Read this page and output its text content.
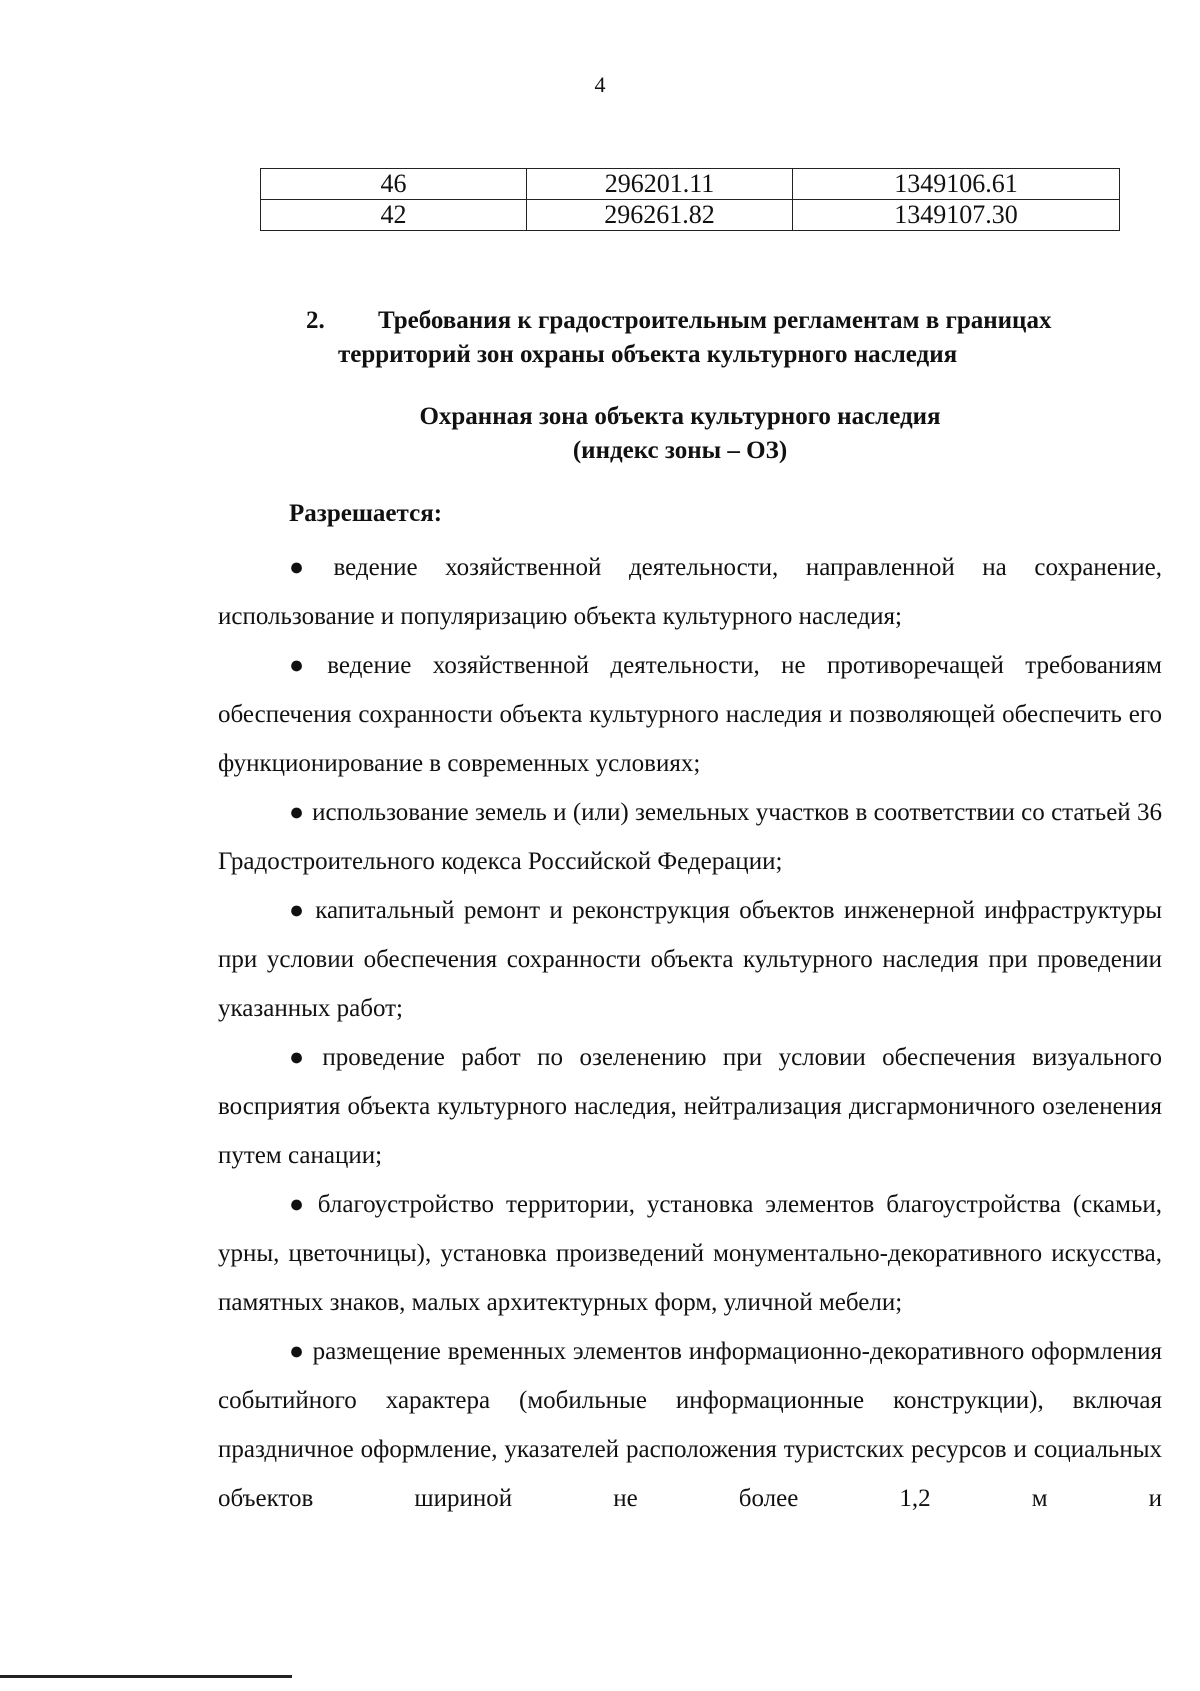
4
46	296201.11	1349106.61
42	296261.82	1349107.30
2. Требования к градостроительным регламентам в границах
территорий зон охраны объекта культурного наследия
Охранная зона объекта культурного наследия
(индекс зоны – ОЗ)
Разрешается:

● ведение хозяйственной деятельности, направленной на сохранение, использование и популяризацию объекта культурного наследия;

● ведение хозяйственной деятельности, не противоречащей требованиям обеспечения сохранности объекта культурного наследия и позволяющей обеспечить его функционирование в современных условиях;

● использование земель и (или) земельных участков в соответствии со статьей 36 Градостроительного кодекса Российской Федерации;

● капитальный ремонт и реконструкция объектов инженерной инфраструктуры при условии обеспечения сохранности объекта культурного наследия при проведении указанных работ;

● проведение работ по озеленению при условии обеспечения визуального восприятия объекта культурного наследия, нейтрализация дисгармоничного озеленения путем санации;

● благоустройство территории, установка элементов благоустройства (скамьи, урны, цветочницы), установка произведений монументально-декоративного искусства, памятных знаков, малых архитектурных форм, уличной мебели;

● размещение временных элементов информационно-декоративного оформления событийного характера (мобильные информационные конструкции), включая праздничное оформление, указателей расположения туристских ресурсов и социальных объектов шириной не более 1,2 м и
